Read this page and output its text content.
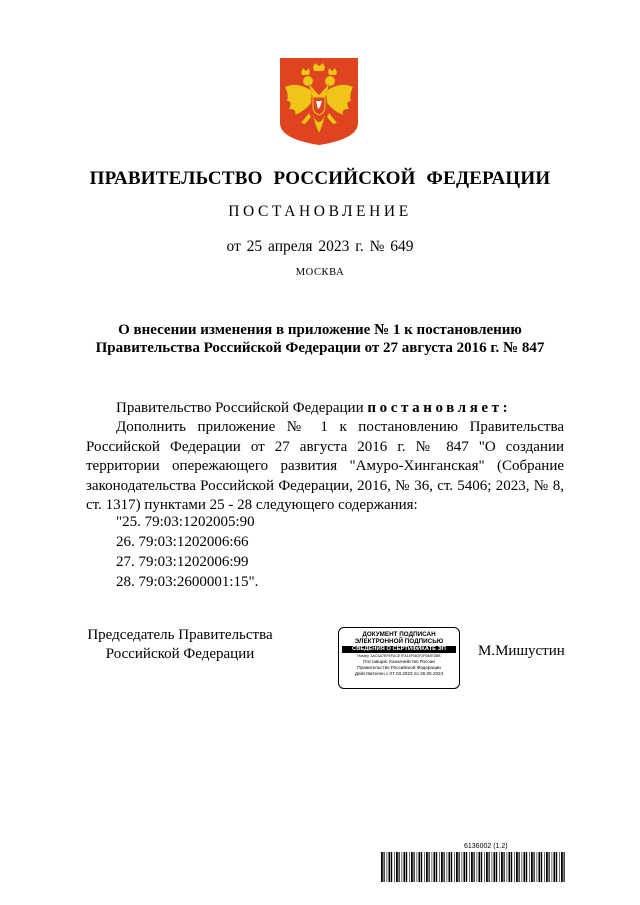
ПРАВИТЕЛЬСТВО РОССИЙСКОЙ ФЕДЕРАЦИИ
ПОСТАНОВЛЕНИЕ
от 25 апреля 2023 г. № 649
МОСКВА
О внесении изменения в приложение № 1 к постановлению
Правительства Российской Федерации от 27 августа 2016 г. № 847
Правительство Российской Федерации постановляет:
Дополнить приложение № 1 к постановлению Правительства Российской Федерации от 27 августа 2016 г. № 847 "О создании территории опережающего развития "Амуро-Хинганская" (Собрание законодательства Российской Федерации, 2016, № 36, ст. 5406; 2023, № 8, ст. 1317) пунктами 25 - 28 следующего содержания:
"25. 79:03:1202005:90
26. 79:03:1202006:66
27. 79:03:1202006:99
28. 79:03:2600001:15".
Председатель Правительства
Российской Федерации
ДОКУМЕНТ ПОДПИСАН
ЭЛЕКТРОННОЙ ПОДПИСЬЮ
СВЕДЕНИЯ О СЕРТИФИКАТЕ ЭП
Номер: 3AC3A7EFEFACE7FA10F083F2F060E3BB
Поставщик: Казначейство России
Правительство Российской Федерации
Действителен с 07.03.2023 по 30.05.2024
М.Мишустин
6136002 (1.2)
